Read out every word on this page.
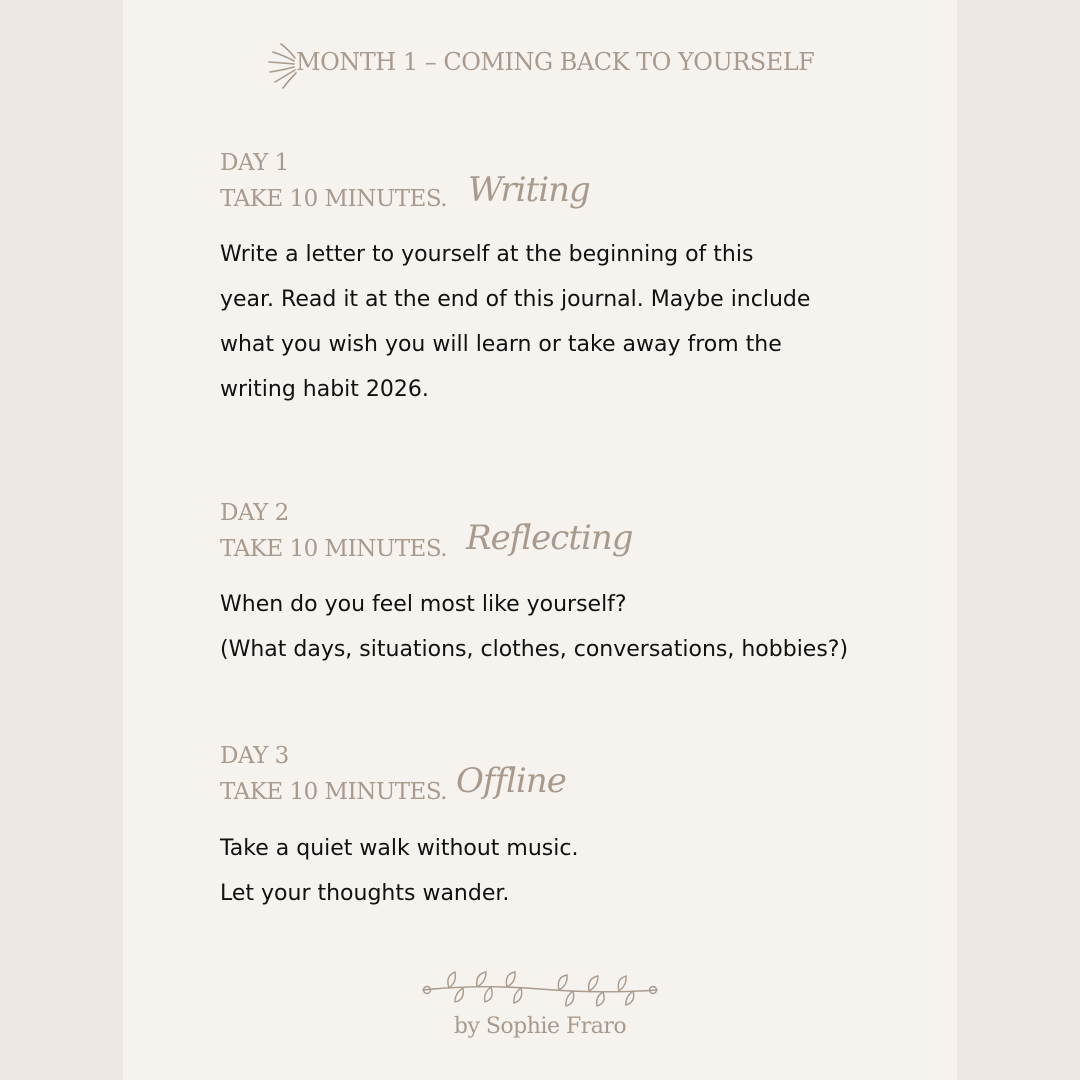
MONTH 1 – COMING BACK TO YOURSELF
DAY 1
TAKE 10 MINUTES. Writing
Write a letter to yourself at the beginning of this
year. Read it at the end of this journal. Maybe include
what you wish you will learn or take away from the
writing habit 2026.
DAY 2
TAKE 10 MINUTES. Reflecting
When do you feel most like yourself?
(What days, situations, clothes, conversations, hobbies?)
DAY 3
TAKE 10 MINUTES. Offline
Take a quiet walk without music.
Let your thoughts wander.
by Sophie Fraro
